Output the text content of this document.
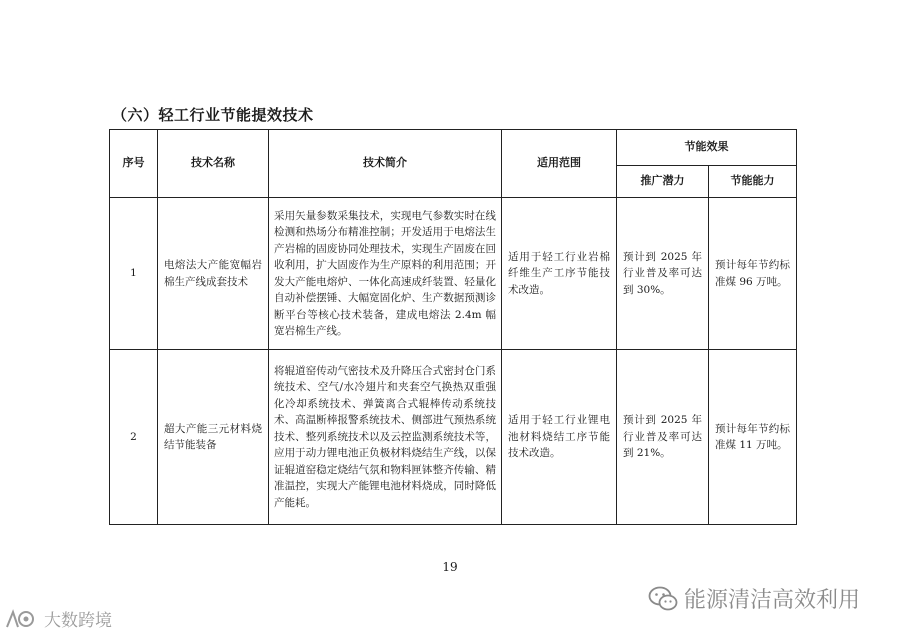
（六）轻工行业节能提效技术
序号	技术名称	技术简介	适用范围	节能效果	
				推广潜力	节能能力
1	电熔法大产能宽幅岩棉生产线成套技术	采用矢量参数采集技术，实现电气参数实时在线检测和热场分布精准控制；开发适用于电熔法生产岩棉的固废协同处理技术，实现生产固废在回收利用，扩大固废作为生产原料的利用范围；开发大产能电熔炉、一体化高速成纤装置、轻量化自动补偿摆锤、大幅宽固化炉、生产数据预测诊断平台等核心技术装备，建成电熔法 2.4m 幅宽岩棉生产线。	适用于轻工行业岩棉纤维生产工序节能技术改造。	预计到 2025 年行业普及率可达到 30%。	预计每年节约标准煤 96 万吨。
2	超大产能三元材料烧结节能装备	将辊道窑传动气密技术及升降压合式密封仓门系统技术、空气/水冷翅片和夹套空气换热双重强化冷却系统技术、弹簧离合式辊棒传动系统技术、高温断棒报警系统技术、侧部进气预热系统技术、整列系统技术以及云控监测系统技术等，应用于动力锂电池正负极材料烧结生产线，以保证辊道窑稳定烧结气氛和物料匣钵整齐传输、精准温控，实现大产能锂电池材料烧成，同时降低产能耗。	适用于轻工行业锂电池材料烧结工序节能技术改造。	预计到 2025 年行业普及率可达到 21%。	预计每年节约标准煤 11 万吨。
19
能源清洁高效利用
大数跨境
